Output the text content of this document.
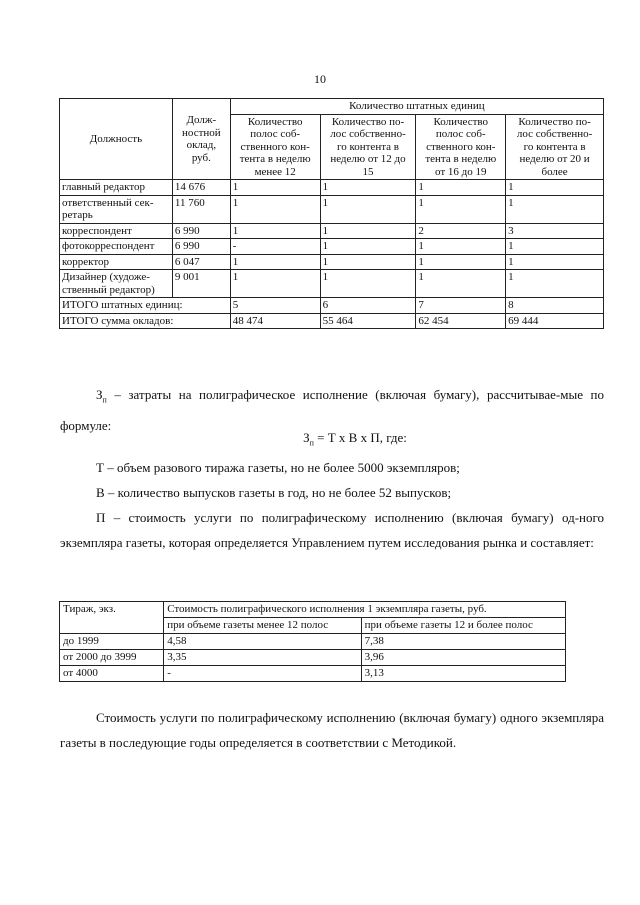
10
Должность	Долж-
ностной
оклад,
руб.	Количество штатных единиц			
		Количество
полос соб-
ственного кон-
тента в неделю
менее 12	Количество по-
лос собственно-
го контента в
неделю от 12 до
15	Количество
полос соб-
ственного кон-
тента в неделю
от 16 до 19	Количество по-
лос собственно-
го контента в
неделю от 20 и
более
главный редактор	14 676	1	1	1	1
ответственный сек-
ретарь	11 760	1	1	1	1
корреспондент	6 990	1	1	2	3
фотокорреспондент	6 990	-	1	1	1
корректор	6 047	1	1	1	1
Дизайнер (художе-
ственный редактор)	9 001	1	1	1	1
ИТОГО штатных единиц:		5	6	7	8
ИТОГО сумма окладов:		48 474	55 464	62 454	69 444
$З_п$ – затраты на полиграфическое исполнение (включая бумагу), рассчитывае-мые по формуле:
$З_п = Т$ х В х П, где:
Т – объем разового тиража газеты, но не более 5000 экземпляров;
В – количество выпусков газеты в год, но не более 52 выпусков;
П – стоимость услуги по полиграфическому исполнению (включая бумагу) од-ного экземпляра газеты, которая определяется Управлением путем исследования рынка и составляет:
Тираж, экз.	Стоимость полиграфического исполнения 1 экземпляра газеты, руб.	
	при объеме газеты менее 12 полос	при объеме газеты 12 и более полос
до 1999	4,58	7,38
от 2000 до 3999	3,35	3,96
от 4000	-	3,13
Стоимость услуги по полиграфическому исполнению (включая бумагу) одного экземпляра газеты в последующие годы определяется в соответствии с Методикой.
